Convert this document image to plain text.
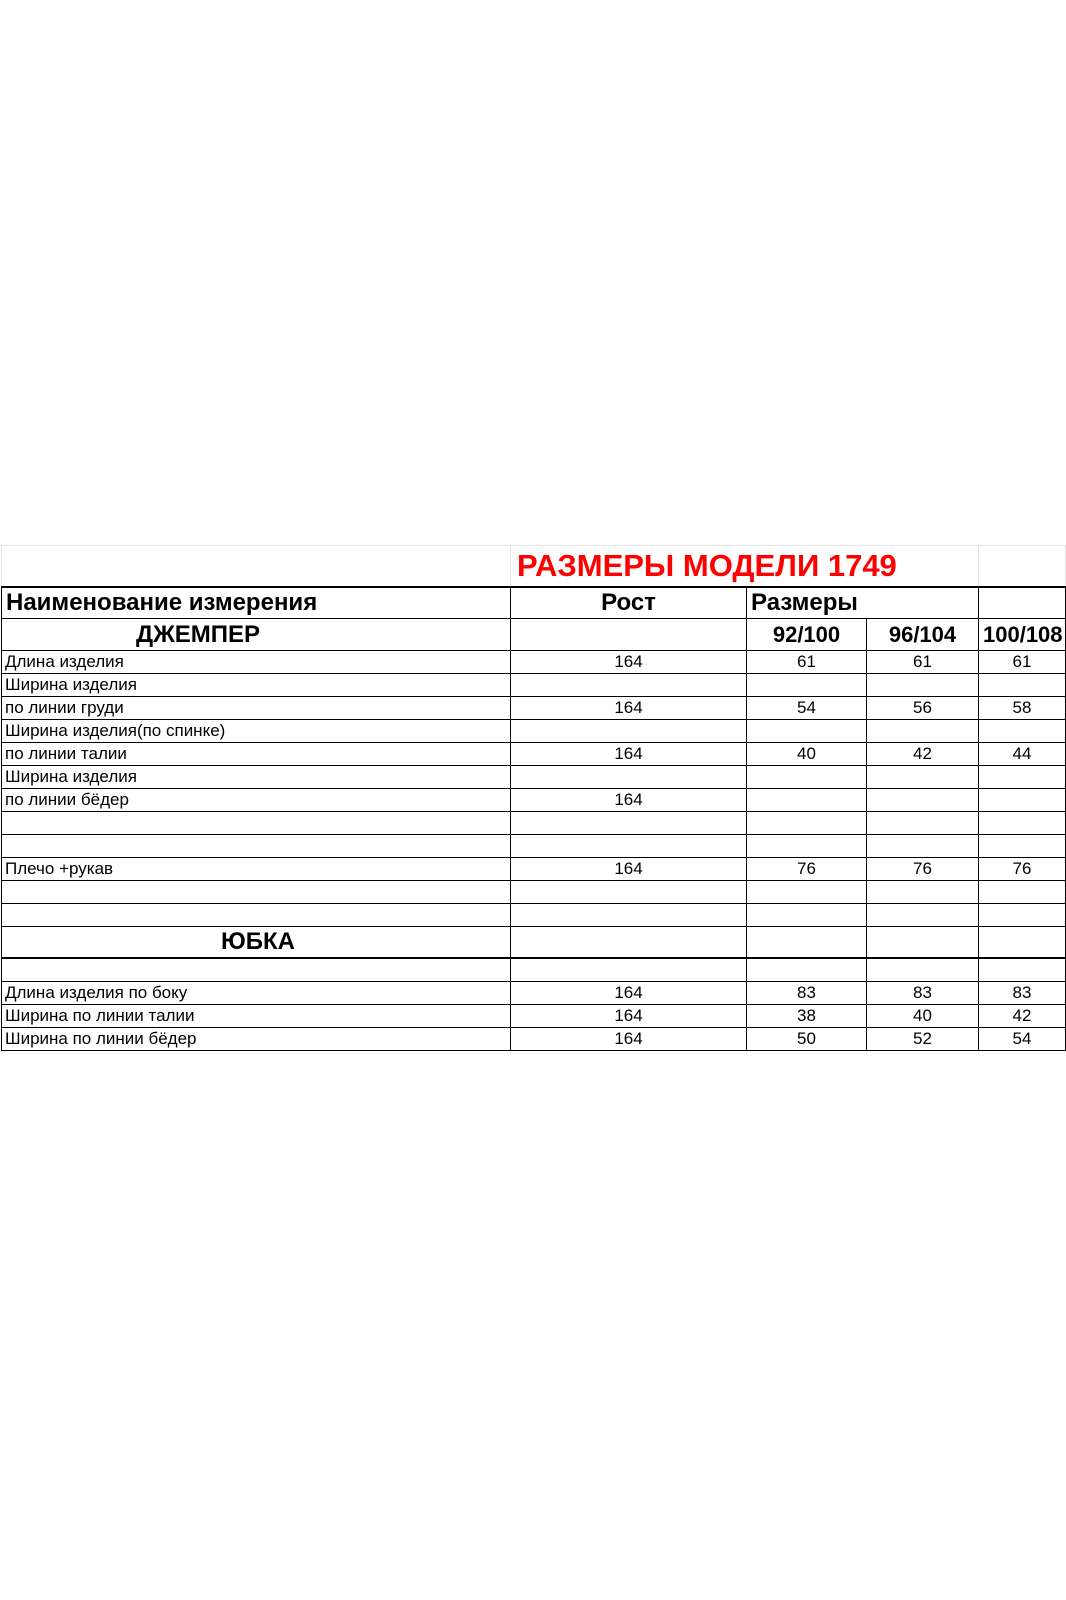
	РАЗМЕРЫ МОДЕЛИ 1749			
Наименование измерения	Рост	Размеры		
ДЖЕМПЕР		92/100	96/104	100/108
Длина изделия	164	61	61	61
Ширина изделия				
по линии груди	164	54	56	58
Ширина изделия(по спинке)				
по линии талии	164	40	42	44
Ширина изделия				
по линии бёдер	164			

Плечо +рукав	164	76	76	76

ЮБКА				

Длина изделия по боку	164	83	83	83
Ширина по линии талии	164	38	40	42
Ширина по линии бёдер	164	50	52	54
